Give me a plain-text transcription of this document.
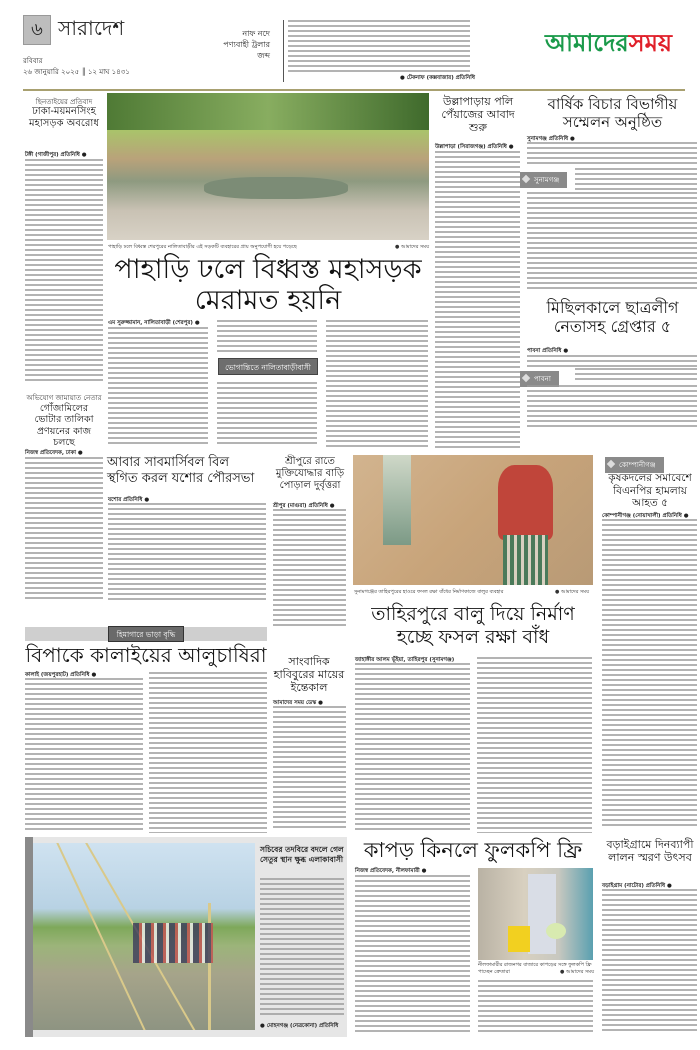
৬ সারাদেশ
রবিবার
২৬ জানুয়ারি ২০২৫ ║ ১২ মাঘ ১৪৩১
নাফ নদে পণ্যবাহী ট্রলার জব্দ
● টেকনাফ (কক্সবাজার) প্রতিনিধি
আমাদেরসময়
ছিনতাইয়ের প্রতিবাদ
ঢাকা-ময়মনসিংহ মহাসড়ক অবরোধ
টঙ্গী (গাজীপুর) প্রতিনিধি ●
অভিযোগ জামায়াত নেতার
গোঁজামিলের ভোটার তালিকা প্রণয়নের কাজ চলছে
নিজস্ব প্রতিবেদক, ঢাকা ●
পাহাড়ি ঢলে বিধ্বস্ত শেরপুরের নালিতাবাড়ীর এই সড়কটি ব্যবহারের প্রায় অনুপযোগী হয়ে পড়েছে	● আমাদের সময়
পাহাড়ি ঢলে বিধ্বস্ত মহাসড়ক
মেরামত হয়নি
এম সুরুজ্জামান, নালিতাবাড়ী (শেরপুর) ●
ভোগান্তিতে নালিতাবাড়ীবাসী
উল্লাপাড়ায় পলি পেঁয়াজের আবাদ শুরু
উল্লাপাড়া (সিরাজগঞ্জ) প্রতিনিধি ●
বার্ষিক বিচার বিভাগীয়
সম্মেলন অনুষ্ঠিত
সুনামগঞ্জ প্রতিনিধি ●
সুনামগঞ্জ
মিছিলকালে ছাত্রলীগ
নেতাসহ গ্রেপ্তার ৫
পাবনা প্রতিনিধি ●
পাবনা
আবার সাবমার্সিবল বিল
স্থগিত করল যশোর পৌরসভা
যশোর প্রতিনিধি ●
শ্রীপুরে রাতে মুক্তিযোদ্ধার বাড়ি পোড়াল দুর্বৃত্তরা
শ্রীপুর (মাগুরা) প্রতিনিধি ●
সুনামগঞ্জের তাহিরপুরের হাওরে ফসল রক্ষা বাঁধের নির্মাণকাজে বালুর ব্যবহার	● আমাদের সময়
কোম্পানীগঞ্জ
কৃষকদলের সমাবেশে বিএনপির হামলায় আহত ৫
কোম্পানীগঞ্জ (নোয়াখালী) প্রতিনিধি ●
তাহিরপুরে বালু দিয়ে নির্মাণ
হচ্ছে ফসল রক্ষা বাঁধ
জাহাঙ্গীর আলম ভূঁইয়া, তাহিরপুর (সুনামগঞ্জ)
হিমাগারে ভাড়া বৃদ্ধি
বিপাকে কালাইয়ের আলুচাষিরা
কালাই (জয়পুরহাট) প্রতিনিধি ●
সাংবাদিক হাবিবুরের মায়ের ইন্তেকাল
আমাদের সময় ডেস্ক ●
সচিবের তদবিরে বদলে গেল সেতুর স্থান ক্ষুব্ধ এলাকাবাসী
● মোহনগঞ্জ (নেত্রকোনা) প্রতিনিধি
কাপড় কিনলে ফুলকপি ফ্রি
নিজস্ব প্রতিবেদক, নীলফামারী ●
নীলফামারীর রাজনগর বাজারে কাপড়ের সঙ্গে ফুলকপি ফ্রি পাচ্ছেন ক্রেতারা	● আমাদের সময়
বড়াইগ্রামে দিনব্যাপী লালন স্মরণ উৎসব
বড়াইগ্রাম (নাটোর) প্রতিনিধি ●
